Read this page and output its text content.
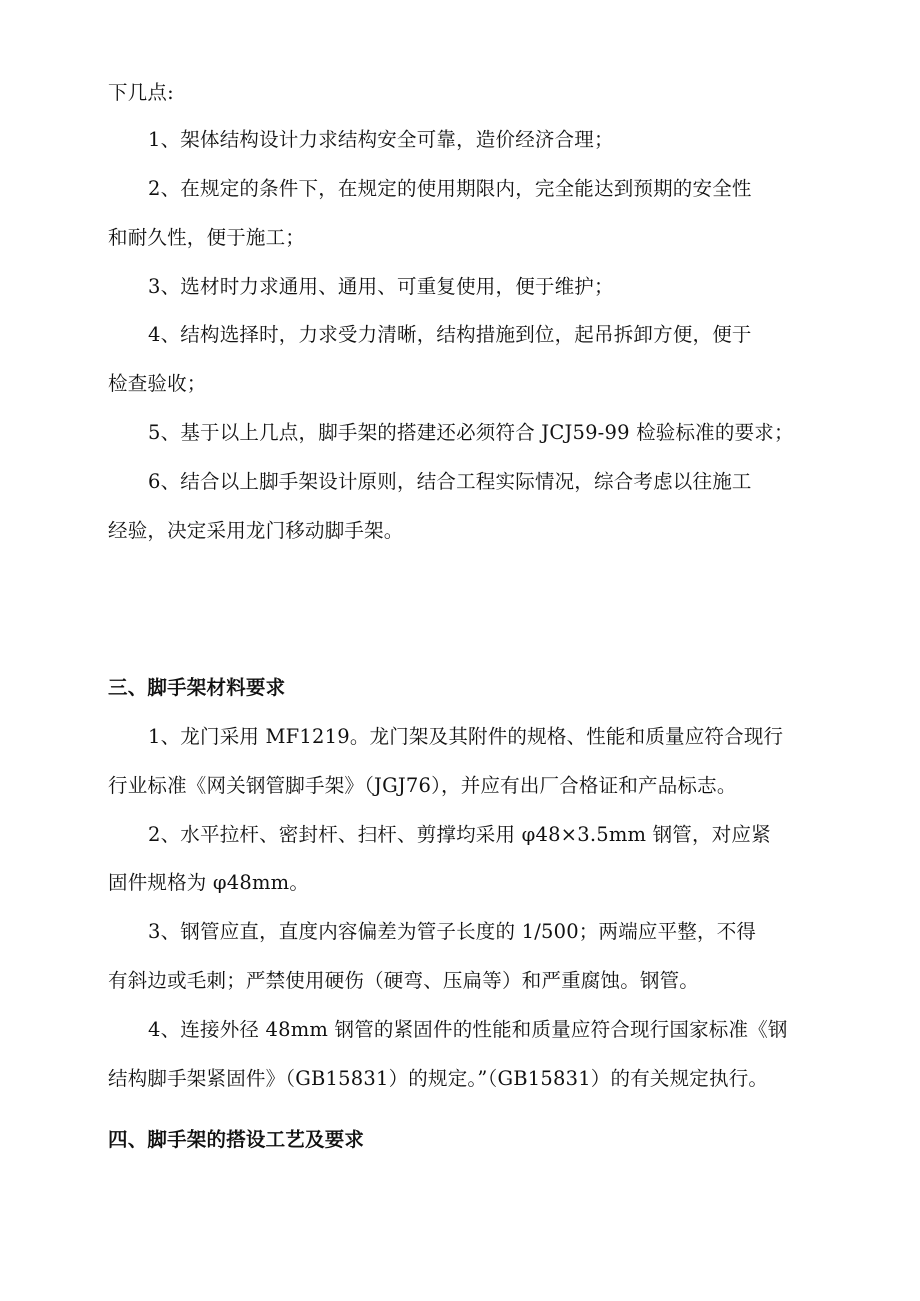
下几点:
1、架体结构设计力求结构安全可靠，造价经济合理；
2、在规定的条件下，在规定的使用期限内，完全能达到预期的安全性
和耐久性，便于施工；
3、选材时力求通用、通用、可重复使用，便于维护；
4、结构选择时，力求受力清晰，结构措施到位，起吊拆卸方便，便于
检查验收；
5、基于以上几点，脚手架的搭建还必须符合 JCJ59-99 检验标准的要求；
6、结合以上脚手架设计原则，结合工程实际情况，综合考虑以往施工
经验，决定采用龙门移动脚手架。
三、脚手架材料要求
1、龙门采用 MF1219。龙门架及其附件的规格、性能和质量应符合现行
行业标准《网关钢管脚手架》（JGJ76），并应有出厂合格证和产品标志。
2、水平拉杆、密封杆、扫杆、剪撑均采用 φ48×3.5mm 钢管，对应紧
固件规格为 φ48mm。
3、钢管应直，直度内容偏差为管子长度的 1/500；两端应平整，不得
有斜边或毛刺；严禁使用硬伤（硬弯、压扁等）和严重腐蚀。钢管。
4、连接外径 48mm 钢管的紧固件的性能和质量应符合现行国家标准《钢
结构脚手架紧固件》（GB15831）的规定。”（GB15831）的有关规定执行。
四、脚手架的搭设工艺及要求
